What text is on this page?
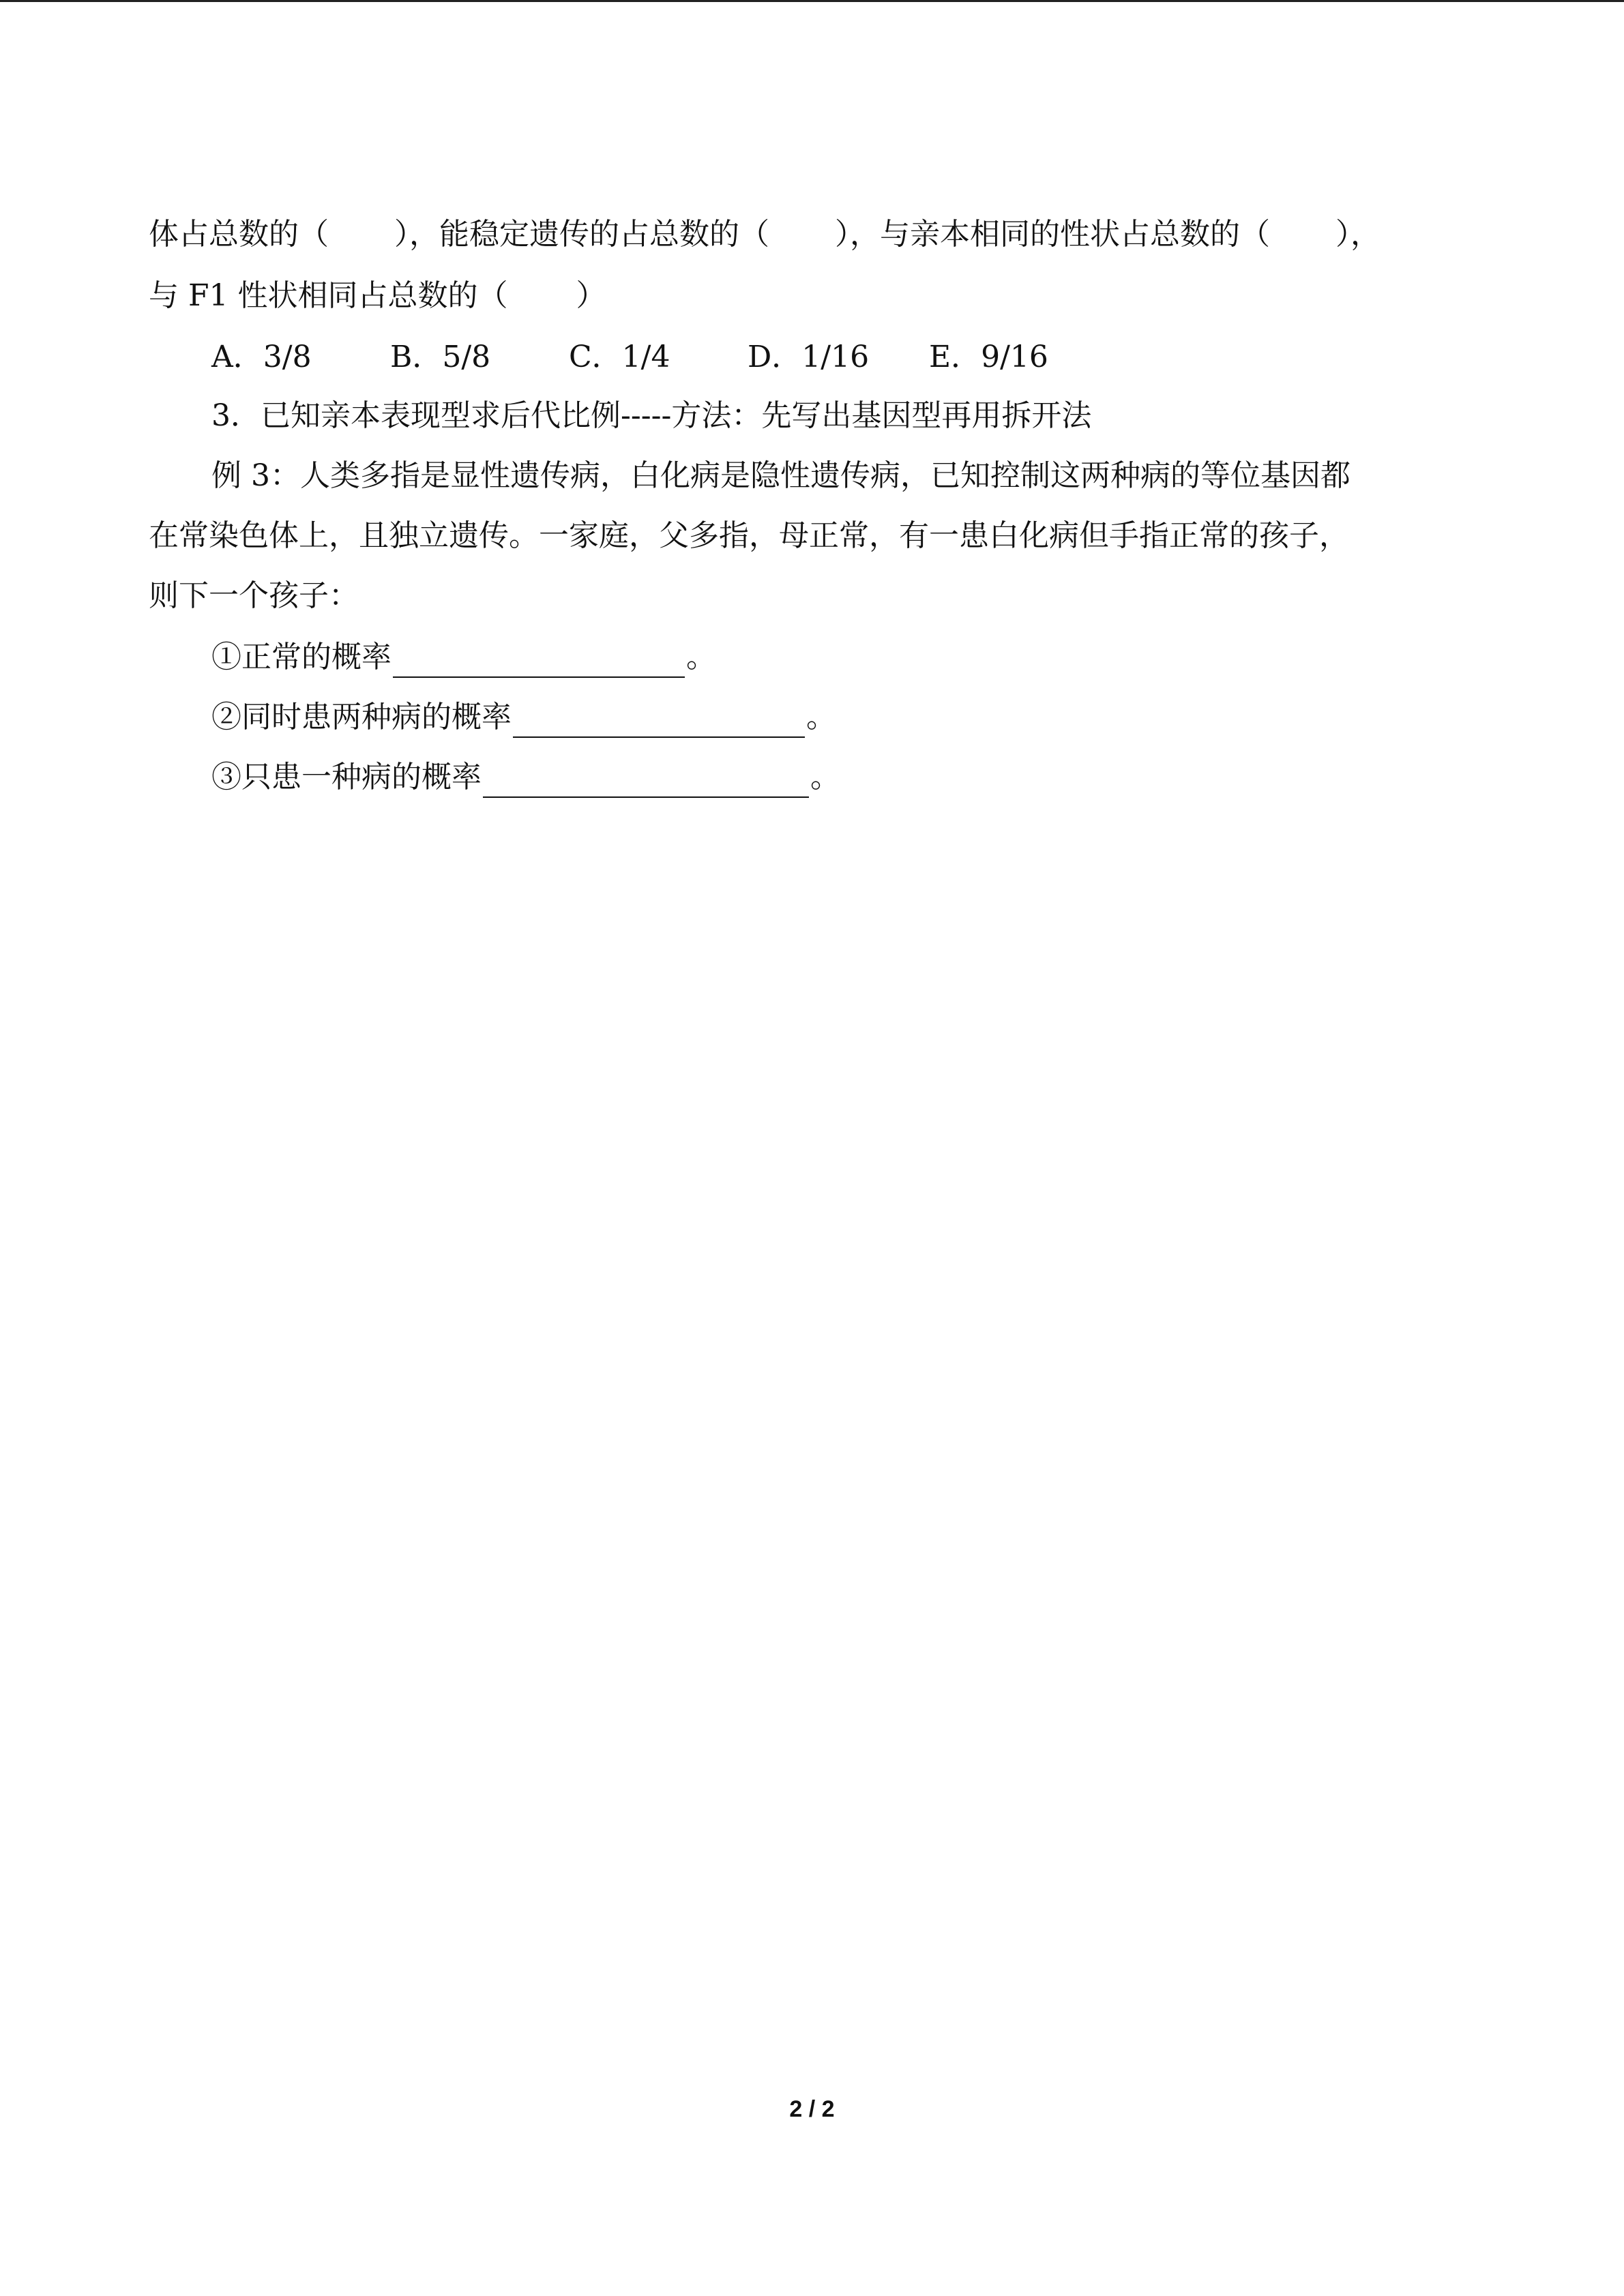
体占总数的（ ），能稳定遗传的占总数的（ ），与亲本相同的性状占总数的（ ），
与 F1 性状相同占总数的（ ）
A．3/8	B．5/8	C．1/4	D．1/16 E．9/16
3．已知亲本表现型求后代比例-----方法：先写出基因型再用拆开法
例 3：人类多指是显性遗传病，白化病是隐性遗传病，已知控制这两种病的等位基因都
在常染色体上，且独立遗传。一家庭，父多指，母正常，有一患白化病但手指正常的孩子，
则下一个孩子：
①正常的概率	。
②同时患两种病的概率	。
③只患一种病的概率	。
2 / 2
